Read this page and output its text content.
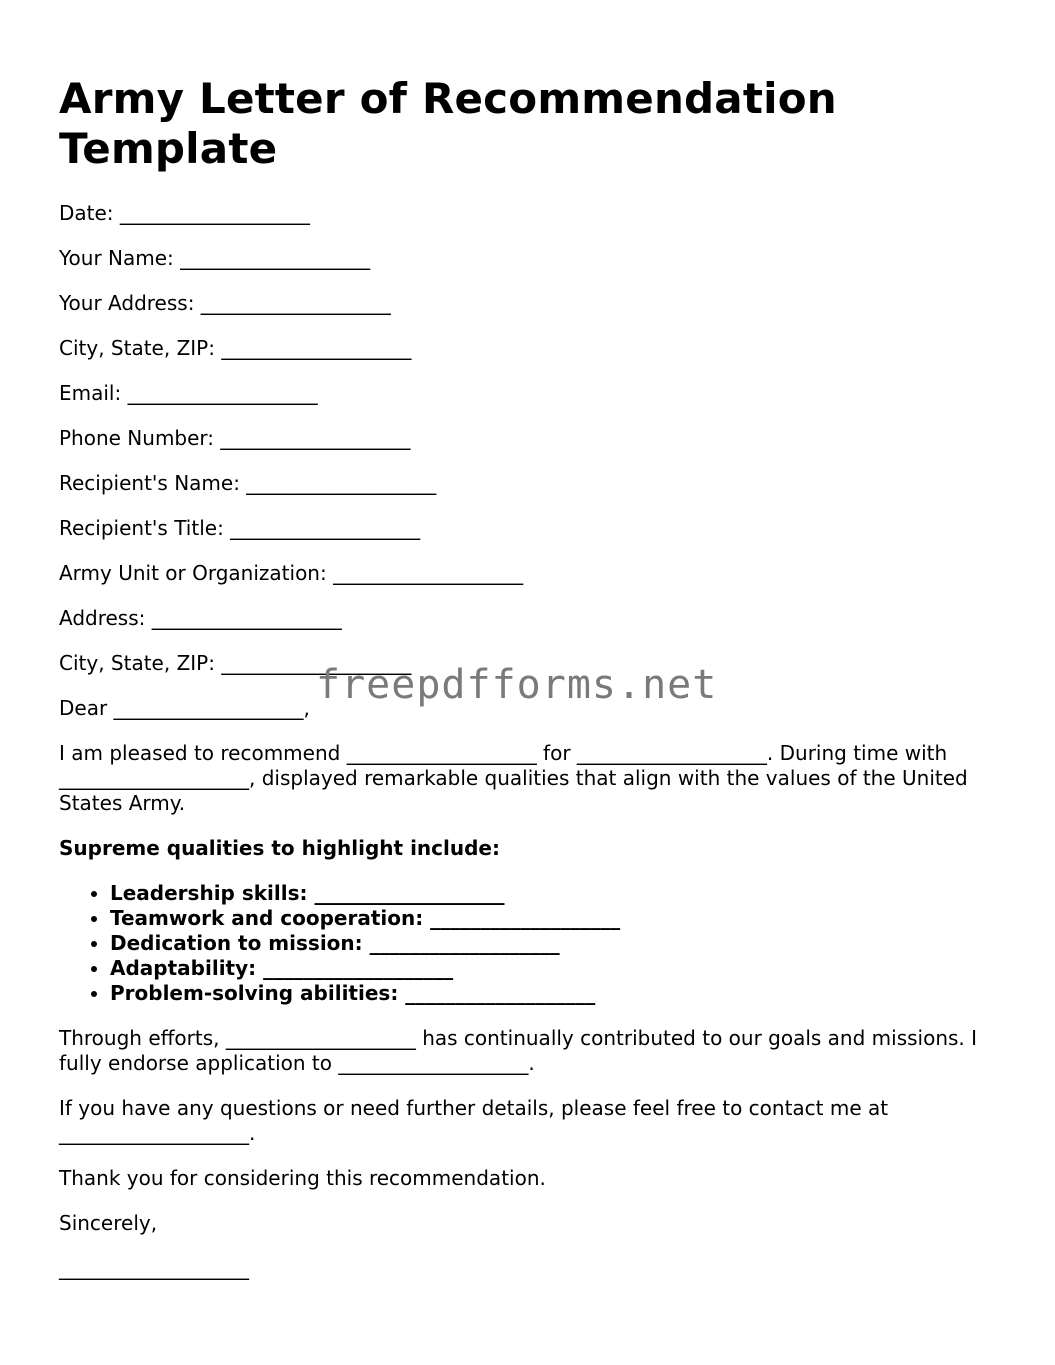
Army Letter of Recommendation Template

Date: ___________________

Your Name: ___________________

Your Address: ___________________

City, State, ZIP: ___________________

Email: ___________________

Phone Number: ___________________

Recipient's Name: ___________________

Recipient's Title: ___________________

Army Unit or Organization: ___________________

Address: ___________________

City, State, ZIP: ___________________

Dear ___________________,

I am pleased to recommend ___________________ for ___________________. During time with ___________________, displayed remarkable qualities that align with the values of the United States Army.

Supreme qualities to highlight include:

• Leadership skills: ___________________
• Teamwork and cooperation: ___________________
• Dedication to mission: ___________________
• Adaptability: ___________________
• Problem-solving abilities: ___________________

Through efforts, ___________________ has continually contributed to our goals and missions. I fully endorse application to ___________________.

If you have any questions or need further details, please feel free to contact me at ___________________.

Thank you for considering this recommendation.

Sincerely,

___________________

freepdfforms.net
